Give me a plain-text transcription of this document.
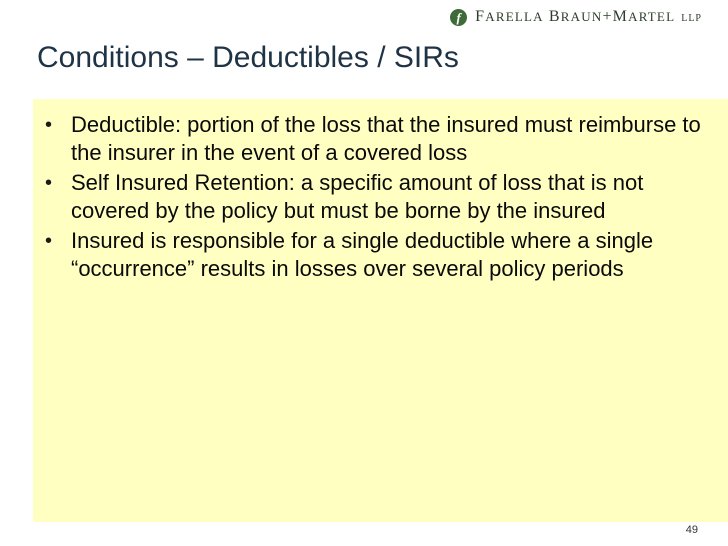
f FARELLA BRAUN+MARTEL LLP
Conditions – Deductibles / SIRs
• Deductible: portion of the loss that the insured must reimburse to the insurer in the event of a covered loss
• Self Insured Retention: a specific amount of loss that is not covered by the policy but must be borne by the insured
• Insured is responsible for a single deductible where a single “occurrence” results in losses over several policy periods
49
